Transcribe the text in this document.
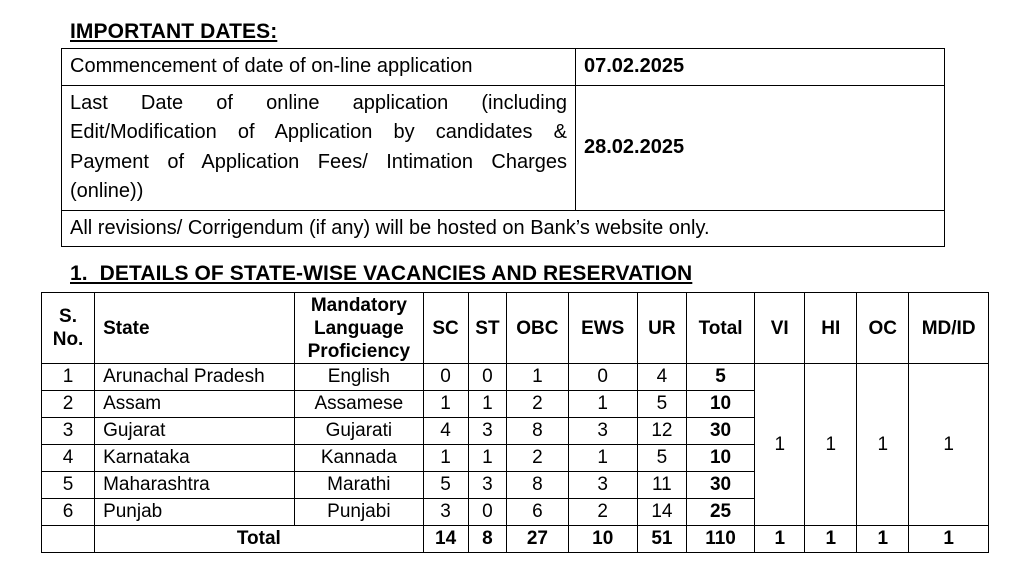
IMPORTANT DATES:
Commencement of date of on-line application	07.02.2025
Last Date of online application (including Edit/Modification of Application by candidates & Payment of Application Fees/ Intimation Charges (online))	28.02.2025
All revisions/ Corrigendum (if any) will be hosted on Bank’s website only.	
1.  DETAILS OF STATE-WISE VACANCIES AND RESERVATION
S. No.	State	Mandatory Language Proficiency	SC	ST	OBC	EWS	UR	Total	VI	HI	OC	MD/ID
1	Arunachal Pradesh	English	0	0	1	0	4	5	1	1	1	1
2	Assam	Assamese	1	1	2	1	5	10				
3	Gujarat	Gujarati	4	3	8	3	12	30				
4	Karnataka	Kannada	1	1	2	1	5	10				
5	Maharashtra	Marathi	5	3	8	3	11	30				
6	Punjab	Punjabi	3	0	6	2	14	25				
	Total		14	8	27	10	51	110	1	1	1	1
